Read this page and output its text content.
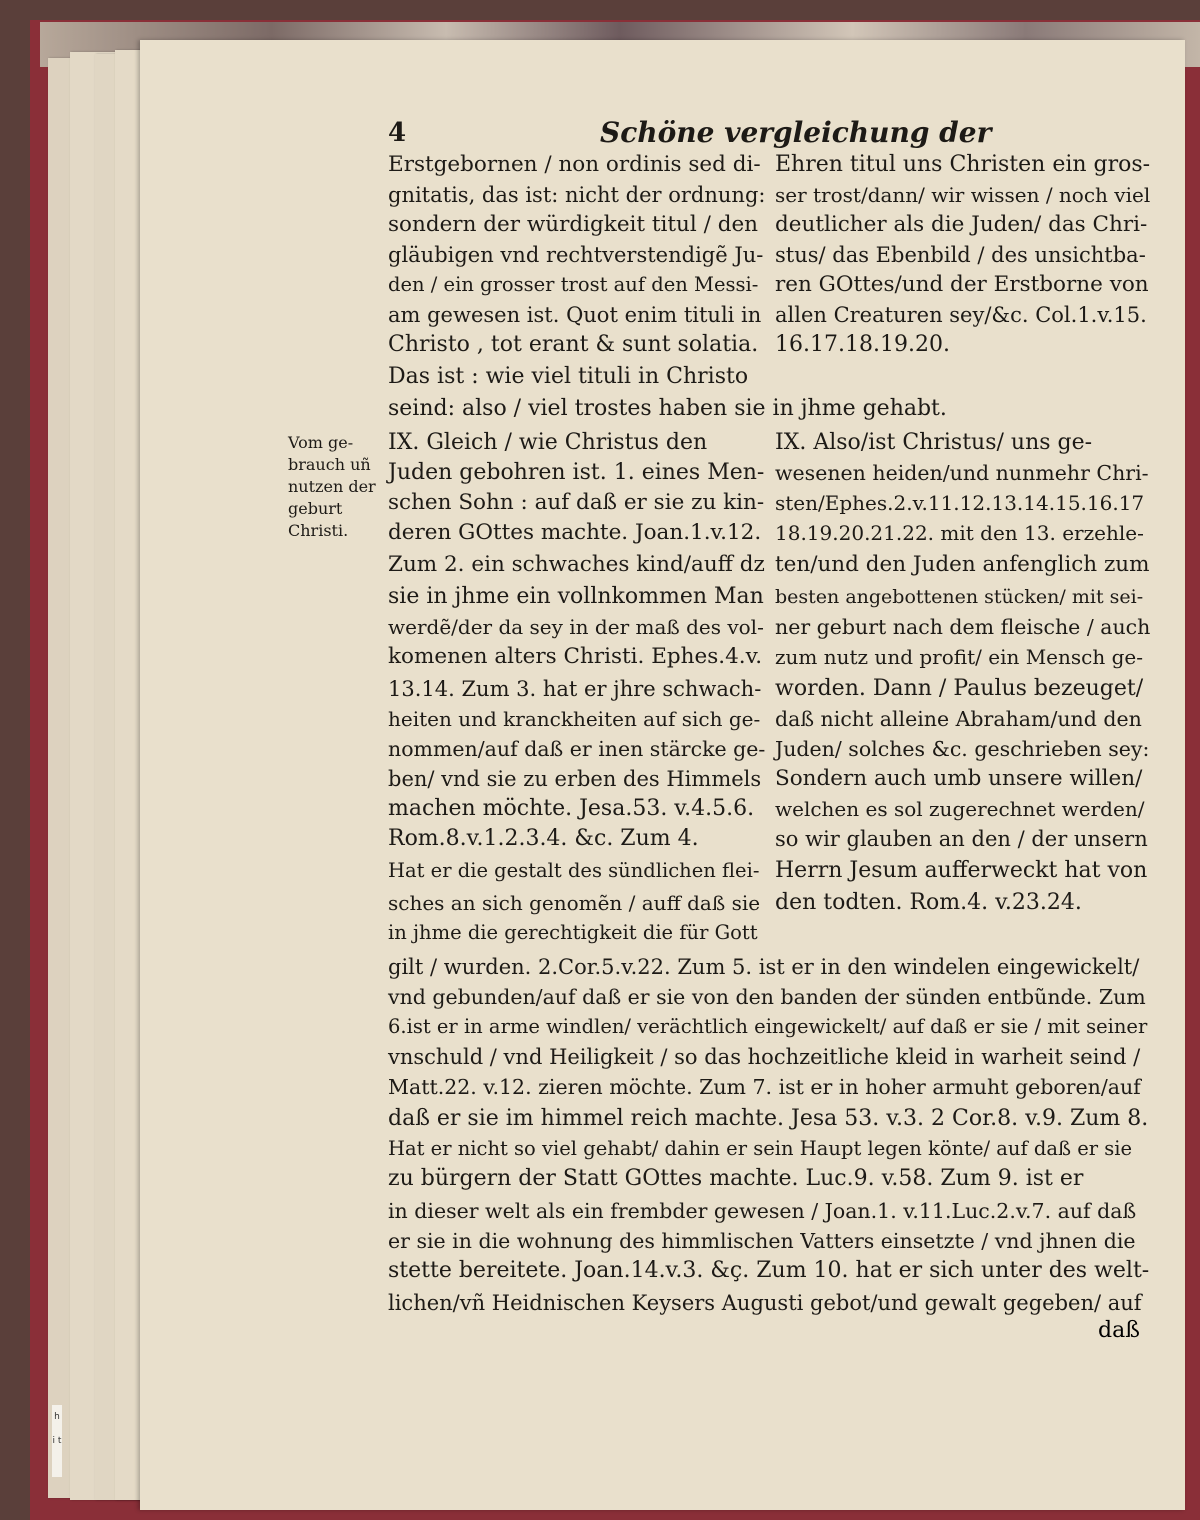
h i t
4	Schöne vergleichung der
Vom ge-
brauch uñ
nutzen der
geburt
Christi.
Erstgebornen / non ordinis sed di-
gnitatis, das ist: nicht der ordnung:
sondern der würdigkeit titul / den
gläubigen vnd rechtverstendigẽ Ju-
den / ein grosser trost auf den Messi-
am gewesen ist. Quot enim tituli in
Christo , tot erant & sunt solatia.
Das ist : wie viel tituli in Christo
Ehren titul uns Christen ein gros-
ser trost/dann/ wir wissen / noch viel
deutlicher als die Juden/ das Chri-
stus/ das Ebenbild / des unsichtba-
ren GOttes/und der Erstborne von
allen Creaturen sey/&c. Col.1.v.15.
16.17.18.19.20.
seind: also / viel trostes haben sie in jhme gehabt.
IX. Gleich / wie Christus den
Juden gebohren ist. 1. eines Men-
schen Sohn : auf daß er sie zu kin-
deren GOttes machte. Joan.1.v.12.
Zum 2. ein schwaches kind/auff dz
sie in jhme ein vollnkommen Man
werdẽ/der da sey in der maß des vol-
komenen alters Christi. Ephes.4.v.
13.14. Zum 3. hat er jhre schwach-
heiten und kranckheiten auf sich ge-
nommen/auf daß er inen stärcke ge-
ben/ vnd sie zu erben des Himmels
machen möchte. Jesa.53. v.4.5.6.
Rom.8.v.1.2.3.4. &c. Zum 4.
Hat er die gestalt des sündlichen flei-
sches an sich genomẽn / auff daß sie
in jhme die gerechtigkeit die für Gott
IX. Also/ist Christus/ uns ge-
wesenen heiden/und nunmehr Chri-
sten/Ephes.2.v.11.12.13.14.15.16.17
18.19.20.21.22. mit den 13. erzehle-
ten/und den Juden anfenglich zum
besten angebottenen stücken/ mit sei-
ner geburt nach dem fleische / auch
zum nutz und profit/ ein Mensch ge-
worden. Dann / Paulus bezeuget/
daß nicht alleine Abraham/und den
Juden/ solches &c. geschrieben sey:
Sondern auch umb unsere willen/
welchen es sol zugerechnet werden/
so wir glauben an den / der unsern
Herrn Jesum aufferweckt hat von
den todten. Rom.4. v.23.24.
gilt / wurden. 2.Cor.5.v.22. Zum 5. ist er in den windelen eingewickelt/
vnd gebunden/auf daß er sie von den banden der sünden entbũnde. Zum
6.ist er in arme windlen/ verächtlich eingewickelt/ auf daß er sie / mit seiner
vnschuld / vnd Heiligkeit / so das hochzeitliche kleid in warheit seind /
Matt.22. v.12. zieren möchte. Zum 7. ist er in hoher armuht geboren/auf
daß er sie im himmel reich machte. Jesa 53. v.3. 2 Cor.8. v.9. Zum 8.
Hat er nicht so viel gehabt/ dahin er sein Haupt legen könte/ auf daß er sie
zu bürgern der Statt GOttes machte. Luc.9. v.58. Zum 9. ist er
in dieser welt als ein frembder gewesen / Joan.1. v.11.Luc.2.v.7. auf daß
er sie in die wohnung des himmlischen Vatters einsetzte / vnd jhnen die
stette bereitete. Joan.14.v.3. &ç. Zum 10. hat er sich unter des welt-
lichen/vñ Heidnischen Keysers Augusti gebot/und gewalt gegeben/ auf
daß
